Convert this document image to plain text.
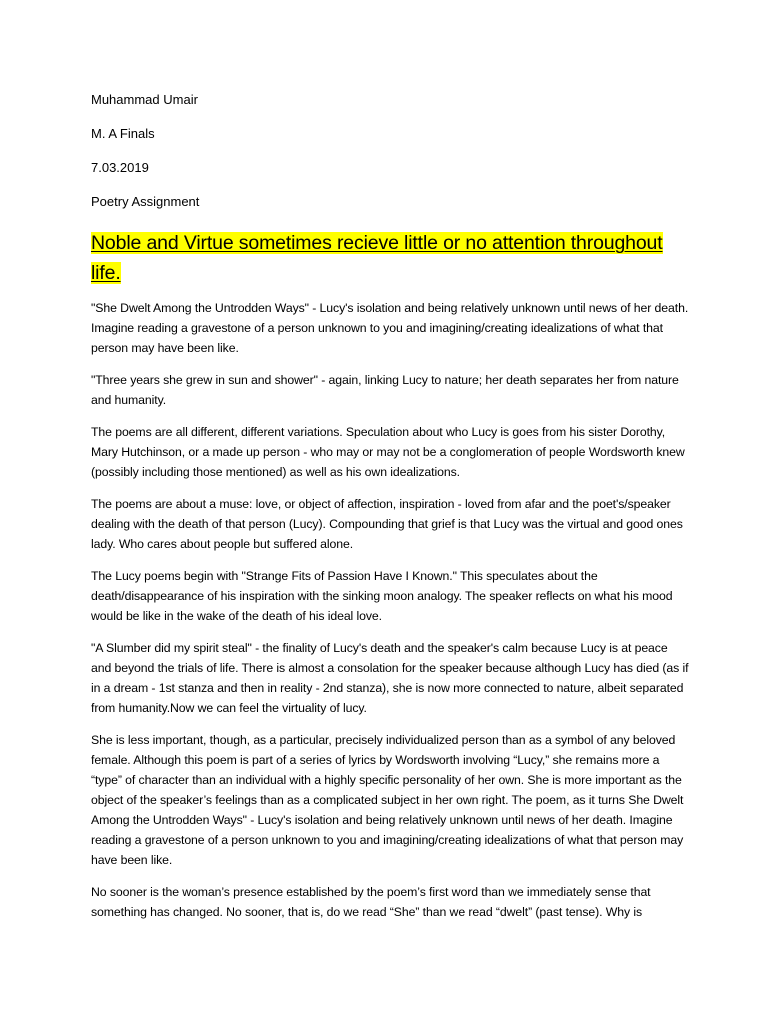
Muhammad Umair
M. A Finals
7.03.2019
Poetry Assignment
Noble and Virtue sometimes recieve little or no attention throughout life.

"She Dwelt Among the Untrodden Ways" - Lucy's isolation and being relatively unknown until news of her death. Imagine reading a gravestone of a person unknown to you and imagining/creating idealizations of what that person may have been like.

"Three years she grew in sun and shower" - again, linking Lucy to nature; her death separates her from nature and humanity.

The poems are all different, different variations. Speculation about who Lucy is goes from his sister Dorothy, Mary Hutchinson, or a made up person - who may or may not be a conglomeration of people Wordsworth knew (possibly including those mentioned) as well as his own idealizations.

The poems are about a muse: love, or object of affection, inspiration - loved from afar and the poet's/speaker dealing with the death of that person (Lucy). Compounding that grief is that Lucy was the virtual and good ones lady. Who cares about people but suffered alone.

The Lucy poems begin with "Strange Fits of Passion Have I Known." This speculates about the death/disappearance of his inspiration with the sinking moon analogy. The speaker reflects on what his mood would be like in the wake of the death of his ideal love.

"A Slumber did my spirit steal" - the finality of Lucy's death and the speaker's calm because Lucy is at peace and beyond the trials of life. There is almost a consolation for the speaker because although Lucy has died (as if in a dream - 1st stanza and then in reality - 2nd stanza), she is now more connected to nature, albeit separated from humanity.Now we can feel the virtuality of lucy.

She is less important, though, as a particular, precisely individualized person than as a symbol of any beloved female. Although this poem is part of a series of lyrics by Wordsworth involving “Lucy,” she remains more a “type” of character than an individual with a highly specific personality of her own. She is more important as the object of the speaker’s feelings than as a complicated subject in her own right. The poem, as it turns She Dwelt Among the Untrodden Ways" - Lucy's isolation and being relatively unknown until news of her death. Imagine reading a gravestone of a person unknown to you and imagining/creating idealizations of what that person may have been like.

No sooner is the woman’s presence established by the poem’s first word than we immediately sense that something has changed. No sooner, that is, do we read “She” than we read “dwelt” (past tense). Why is
